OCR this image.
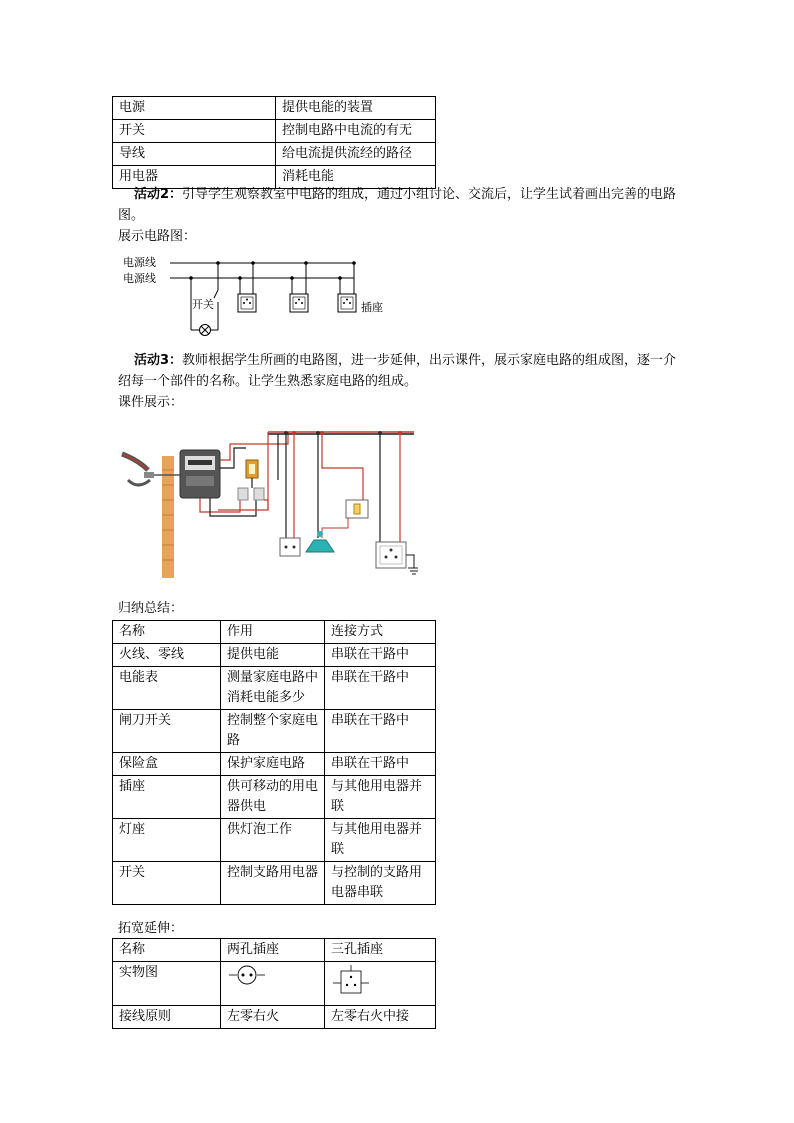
电源	提供电能的装置
开关	控制电路中电流的有无
导线	给电流提供流经的路径
用电器	消耗电能
活动2：引导学生观察教室中电路的组成，通过小组讨论、交流后，让学生试着画出完善的电路图。
展示电路图：
电源线
电源线
开关	插座
活动3：教师根据学生所画的电路图，进一步延伸，出示课件，展示家庭电路的组成图，逐一介绍每一个部件的名称。让学生熟悉家庭电路的组成。
课件展示：
归纳总结：
名称	作用	连接方式
火线、零线	提供电能	串联在干路中
电能表	测量家庭电路中消耗电能多少	串联在干路中
闸刀开关	控制整个家庭电路	串联在干路中
保险盒	保护家庭电路	串联在干路中
插座	供可移动的用电器供电	与其他用电器并联
灯座	供灯泡工作	与其他用电器并联
开关	控制支路用电器	与控制的支路用电器串联
拓宽延伸：
名称	两孔插座	三孔插座
实物图		
接线原则	左零右火	左零右火中接
